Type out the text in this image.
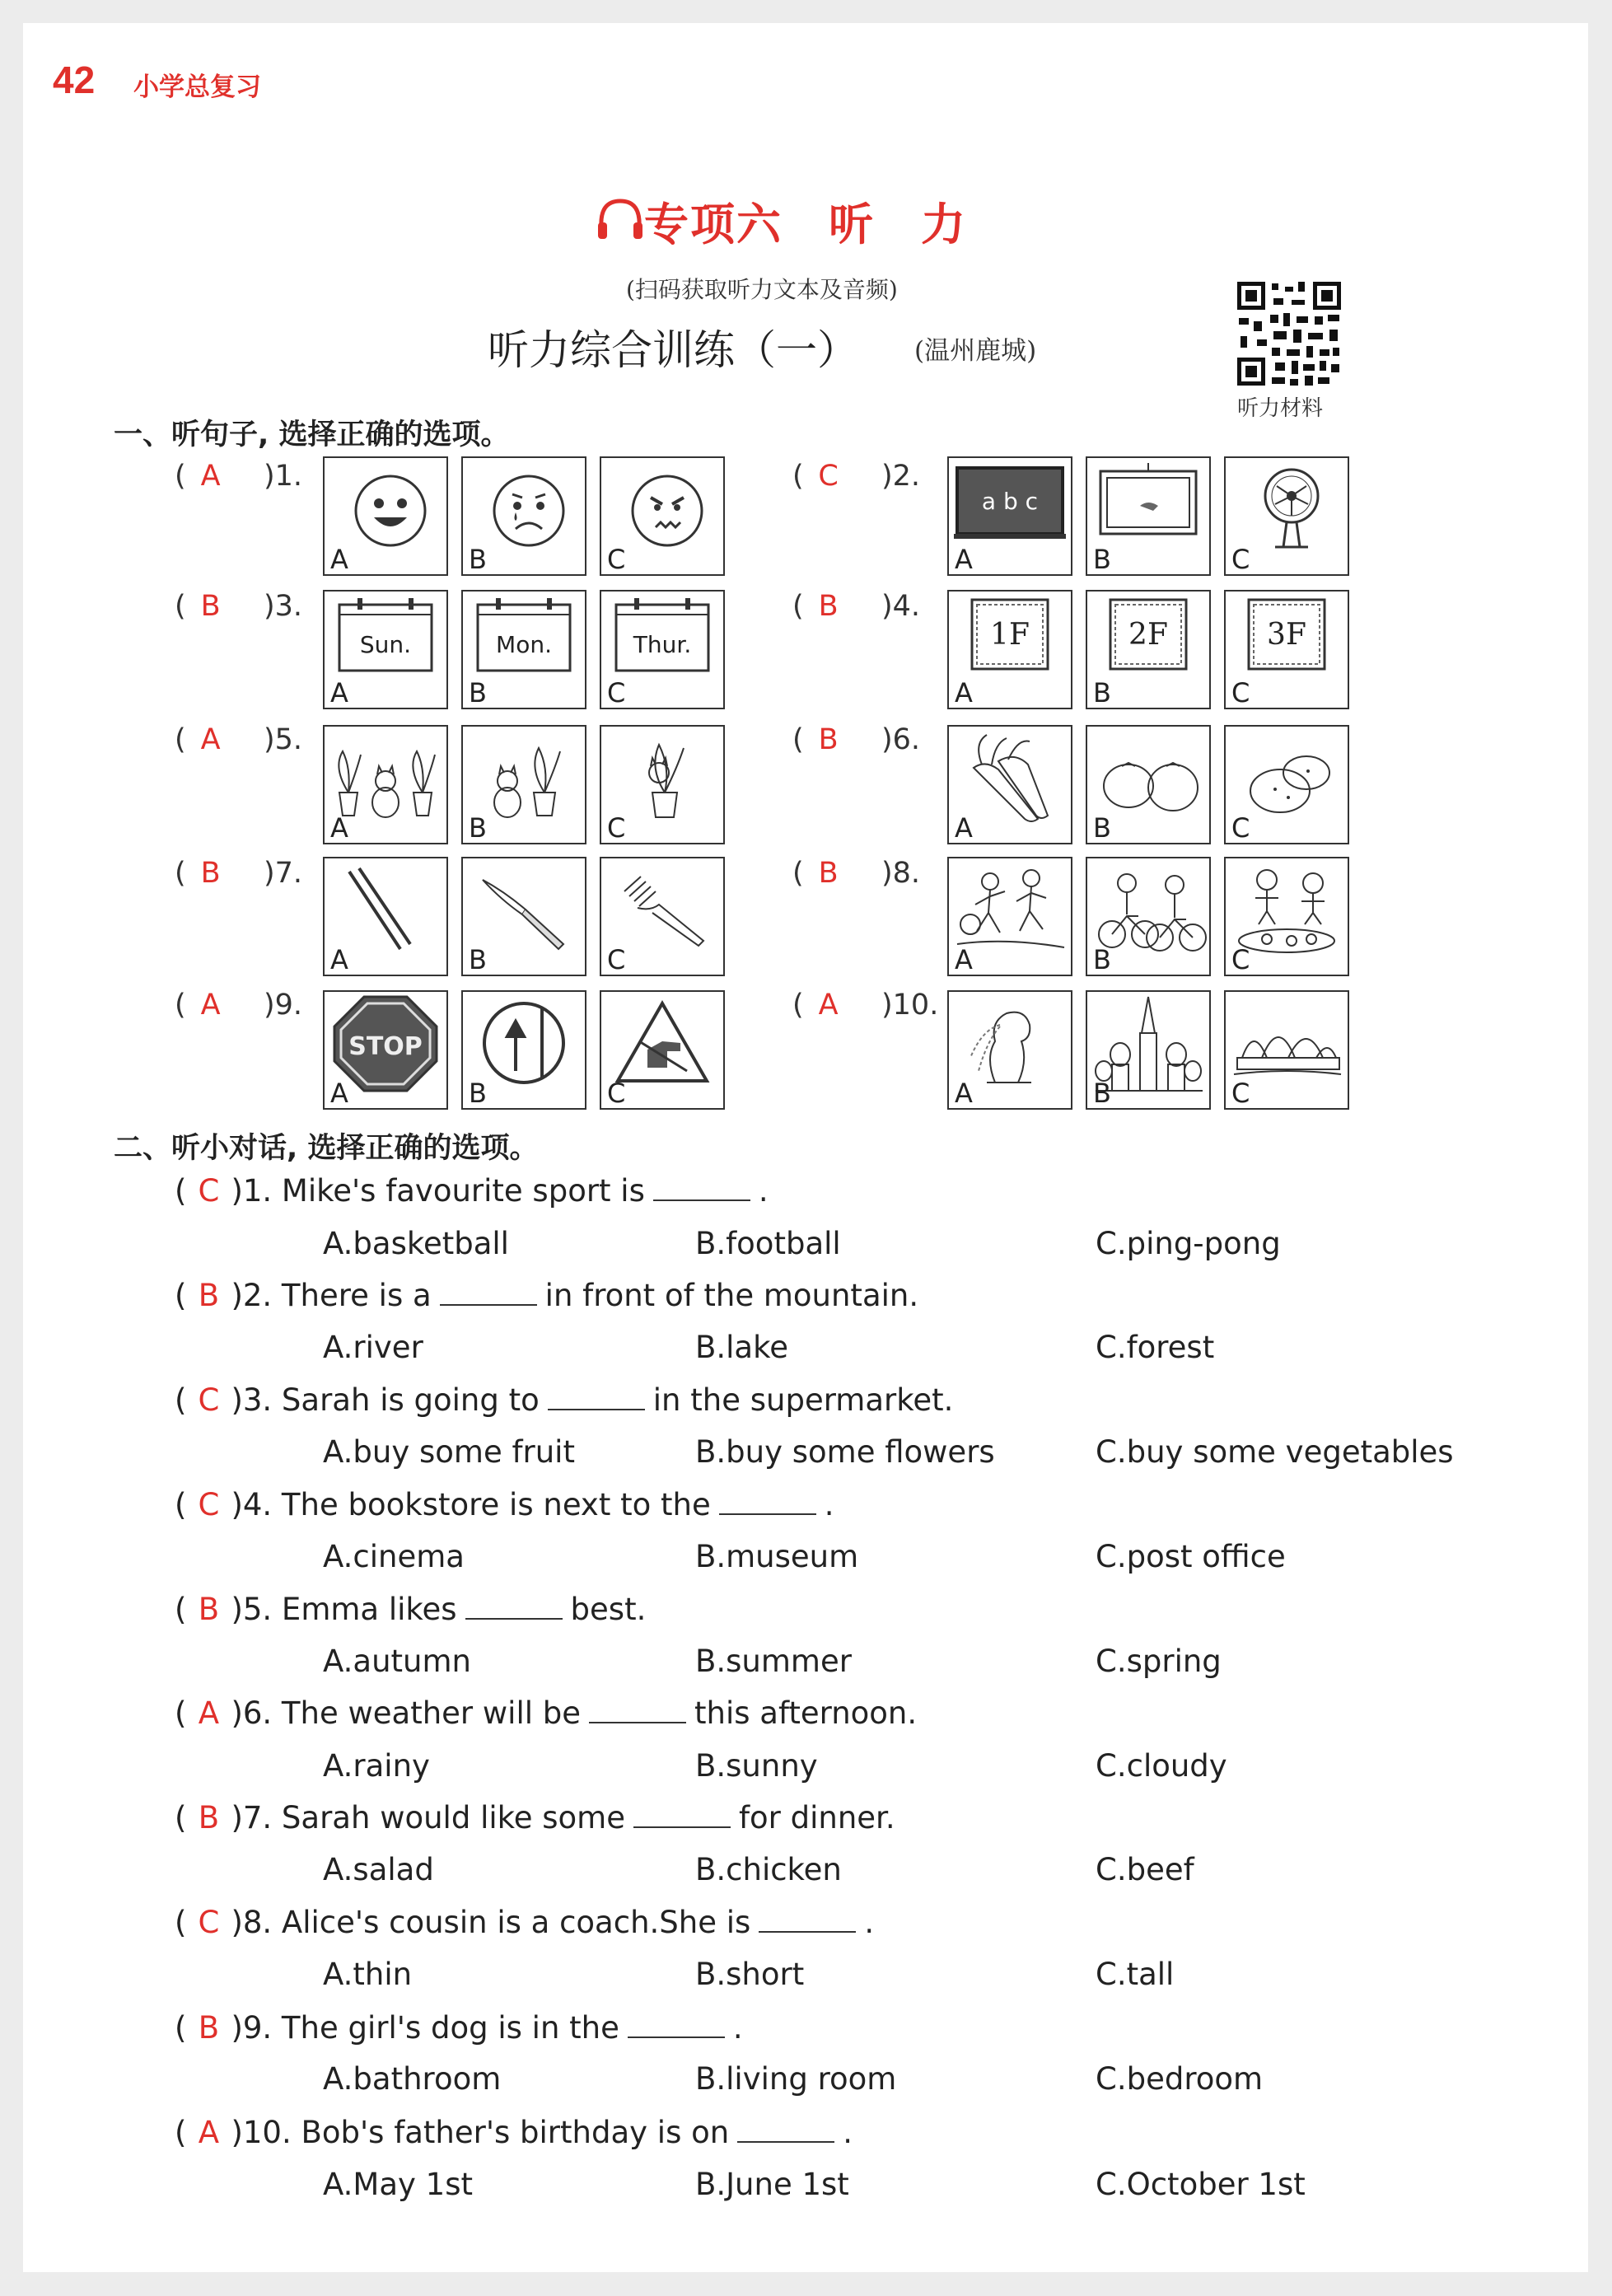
42 小学总复习
专项六　听　力
(扫码获取听力文本及音频)
听力综合训练（一） (温州鹿城)
听力材料
一、听句子, 选择正确的选项。
( A	)1.
A	B	C
( C	)2.
a b c
A	B	C
( B	)3.
Sun.
A
Mon.
B
Thur.
C
( B	)4.
1F
A
2F
B
3F
C
( A	)5.
A	B	C
( B	)6.
A	B	C
( B	)7.
A	B	C
( B	)8.
A	B	C
( A	)9.
STOP
A	B	C
( A	)10.
A	B	C
二、听小对话, 选择正确的选项。
( C )1. Mike's favourite sport is	.
A.basketball	B.football	C.ping-pong
( B )2. There is a	in front of the mountain.
A.river	B.lake	C.forest
( C )3. Sarah is going to	in the supermarket.
A.buy some fruit	B.buy some flowers	C.buy some vegetables
( C )4. The bookstore is next to the	.
A.cinema	B.museum	C.post office
( B )5. Emma likes	best.
A.autumn	B.summer	C.spring
( A )6. The weather will be	this afternoon.
A.rainy	B.sunny	C.cloudy
( B )7. Sarah would like some	for dinner.
A.salad	B.chicken	C.beef
( C )8. Alice's cousin is a coach.She is	.
A.thin	B.short	C.tall
( B )9. The girl's dog is in the	.
A.bathroom	B.living room	C.bedroom
( A )10. Bob's father's birthday is on	.
A.May 1st	B.June 1st	C.October 1st
